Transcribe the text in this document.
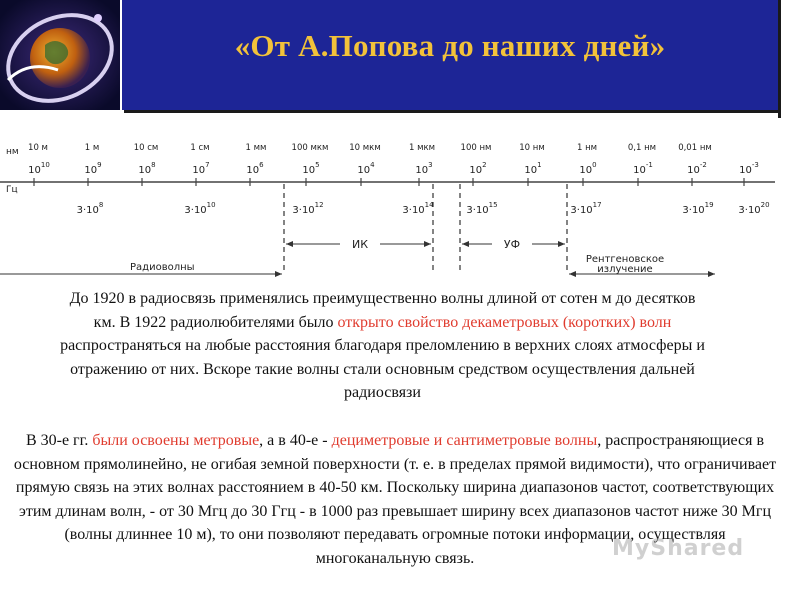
«От А.Попова до наших дней»
10 м	1 м	10 см	1 см	1 мм	100 мкм 10 мкм	1 мкм	100 нм	10 нм	1 нм	0,1 нм	0,01 нм
$10^{10}$	$10^9$	$10^8$	$10^7$	$10^6$	$10^5$	$10^4$	$10^3$	$10^2$	$10^1$	$10^0$	$10^{-1}$	$10^{-2}$	$10^{-3}$
нм
Гц
$3\cdot 10^8$	$3\cdot 10^{10}$	$3\cdot 10^{12}$	$3\cdot 10^{14}$	$3\cdot 10^{15}$	$3\cdot 10^{17}$	$3\cdot 10^{19}$ $3\cdot 10^{20}$
ИК	УФ
Радиоволны
Рентгеновское
излучение

До 1920 в радиосвязь применялись преимущественно волны длиной от сотен м до десятков км. В 1922 радиолюбителями было открыто свойство декаметровых (коротких) волн распространяться на любые расстояния благодаря преломлению в верхних слоях атмосферы и отражению от них. Вскоре такие волны стали основным средством осуществления дальней радиосвязи

В 30-е гг. были освоены метровые, а в 40-е - дециметровые и сантиметровые волны, распространяющиеся в основном прямолинейно, не огибая земной поверхности (т. е. в пределах прямой видимости), что ограничивает прямую связь на этих волнах расстоянием в 40-50 км. Поскольку ширина диапазонов частот, соответствующих этим длинам волн, - от 30 Мгц до 30 Ггц - в 1000 раз превышает ширину всех диапазонов частот ниже 30 Мгц (волны длиннее 10 м), то они позволяют передавать огромные потоки информации, осуществляя многоканальную связь.	MyShared
